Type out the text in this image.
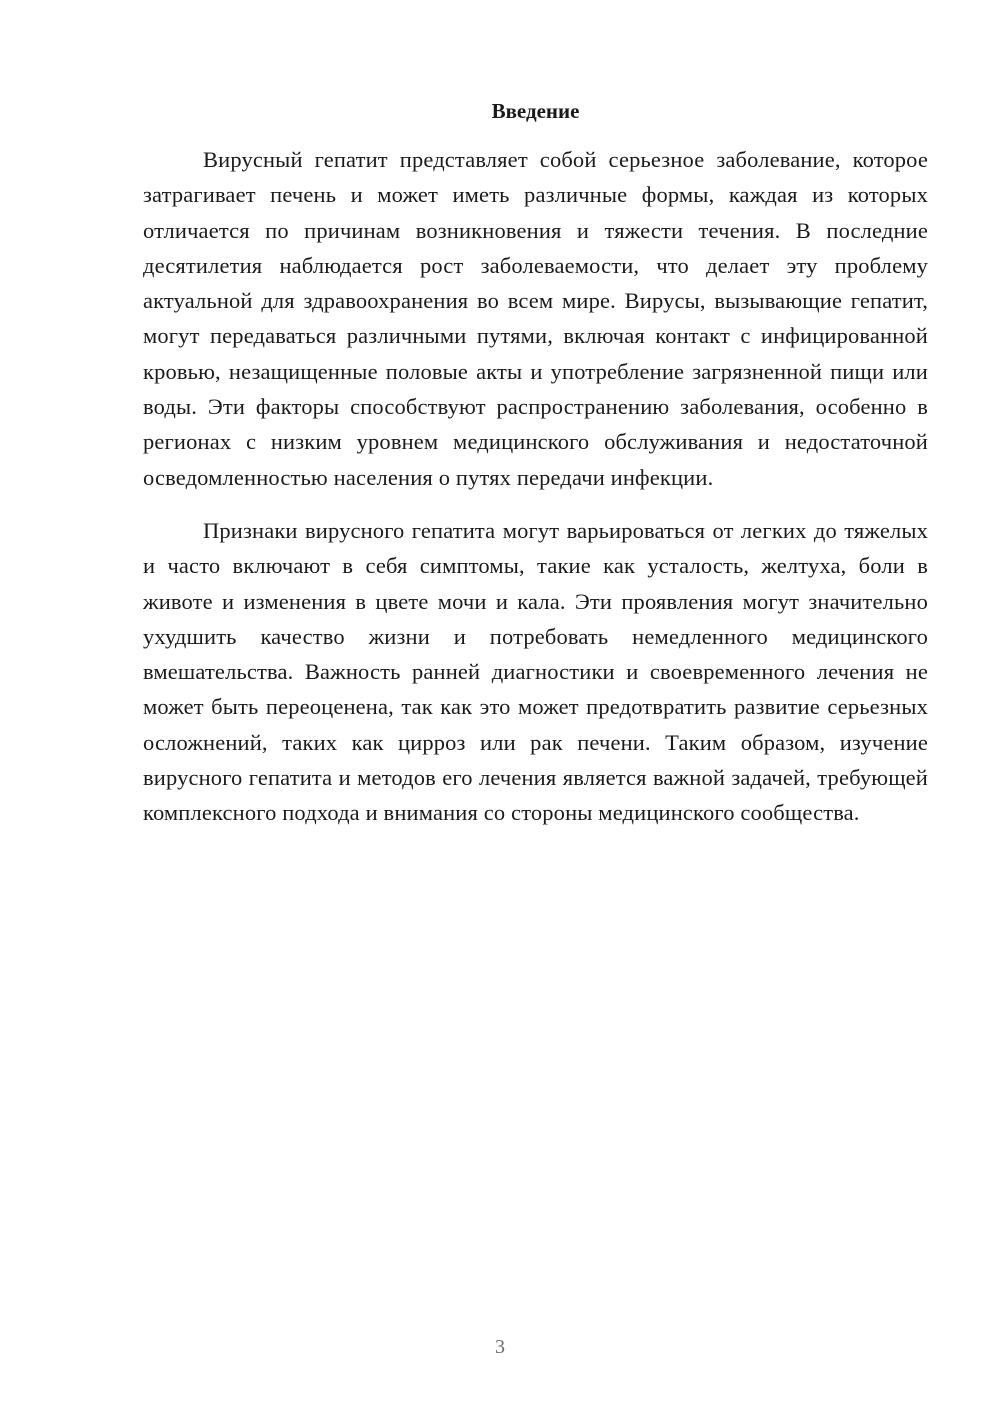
Введение

Вирусный гепатит представляет собой серьезное заболевание, которое затрагивает печень и может иметь различные формы, каждая из которых отличается по причинам возникновения и тяжести течения. В последние десятилетия наблюдается рост заболеваемости, что делает эту проблему актуальной для здравоохранения во всем мире. Вирусы, вызывающие гепатит, могут передаваться различными путями, включая контакт с инфицированной кровью, незащищенные половые акты и употребление загрязненной пищи или воды. Эти факторы способствуют распространению заболевания, особенно в регионах с низким уровнем медицинского обслуживания и недостаточной осведомленностью населения о путях передачи инфекции.

Признаки вирусного гепатита могут варьироваться от легких до тяжелых и часто включают в себя симптомы, такие как усталость, желтуха, боли в животе и изменения в цвете мочи и кала. Эти проявления могут значительно ухудшить качество жизни и потребовать немедленного медицинского вмешательства. Важность ранней диагностики и своевременного лечения не может быть переоценена, так как это может предотвратить развитие серьезных осложнений, таких как цирроз или рак печени. Таким образом, изучение вирусного гепатита и методов его лечения является важной задачей, требующей комплексного подхода и внимания со стороны медицинского сообщества.

3
